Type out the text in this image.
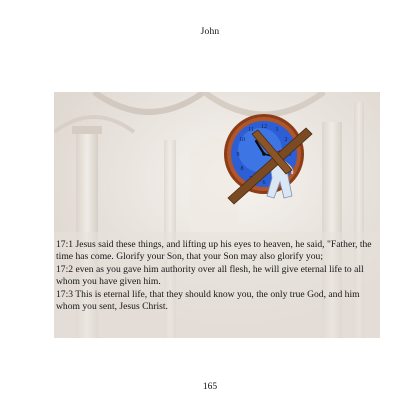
John
12 1
2
3
6
8
9
10
11

17:1 Jesus said these things, and lifting up his eyes to heaven, he said, "Father, the time has come. Glorify your Son, that your Son may also glorify you;

17:2 even as you gave him authority over all flesh, he will give eternal life to all whom you have given him.

17:3 This is eternal life, that they should know you, the only true God, and him whom you sent, Jesus Christ.

165
